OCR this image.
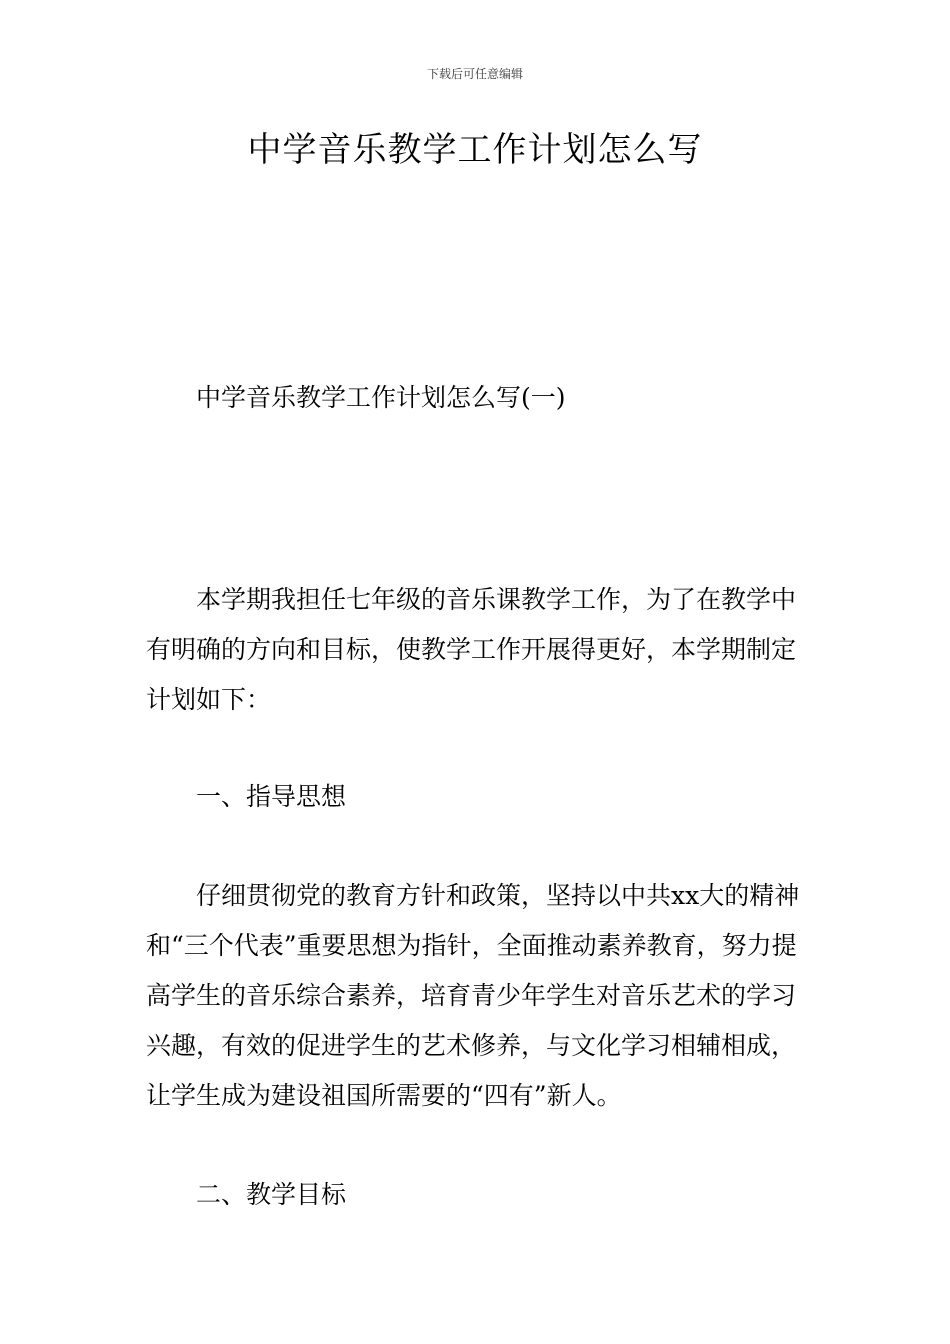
下载后可任意编辑
中学音乐教学工作计划怎么写

中学音乐教学工作计划怎么写(一)

本学期我担任七年级的音乐课教学工作，为了在教学中有明确的方向和目标，使教学工作开展得更好，本学期制定计划如下：

一、指导思想

仔细贯彻党的教育方针和政策，坚持以中共xx大的精神和“三个代表”重要思想为指针，全面推动素养教育，努力提高学生的音乐综合素养，培育青少年学生对音乐艺术的学习兴趣，有效的促进学生的艺术修养，与文化学习相辅相成，让学生成为建设祖国所需要的“四有”新人。

二、教学目标
